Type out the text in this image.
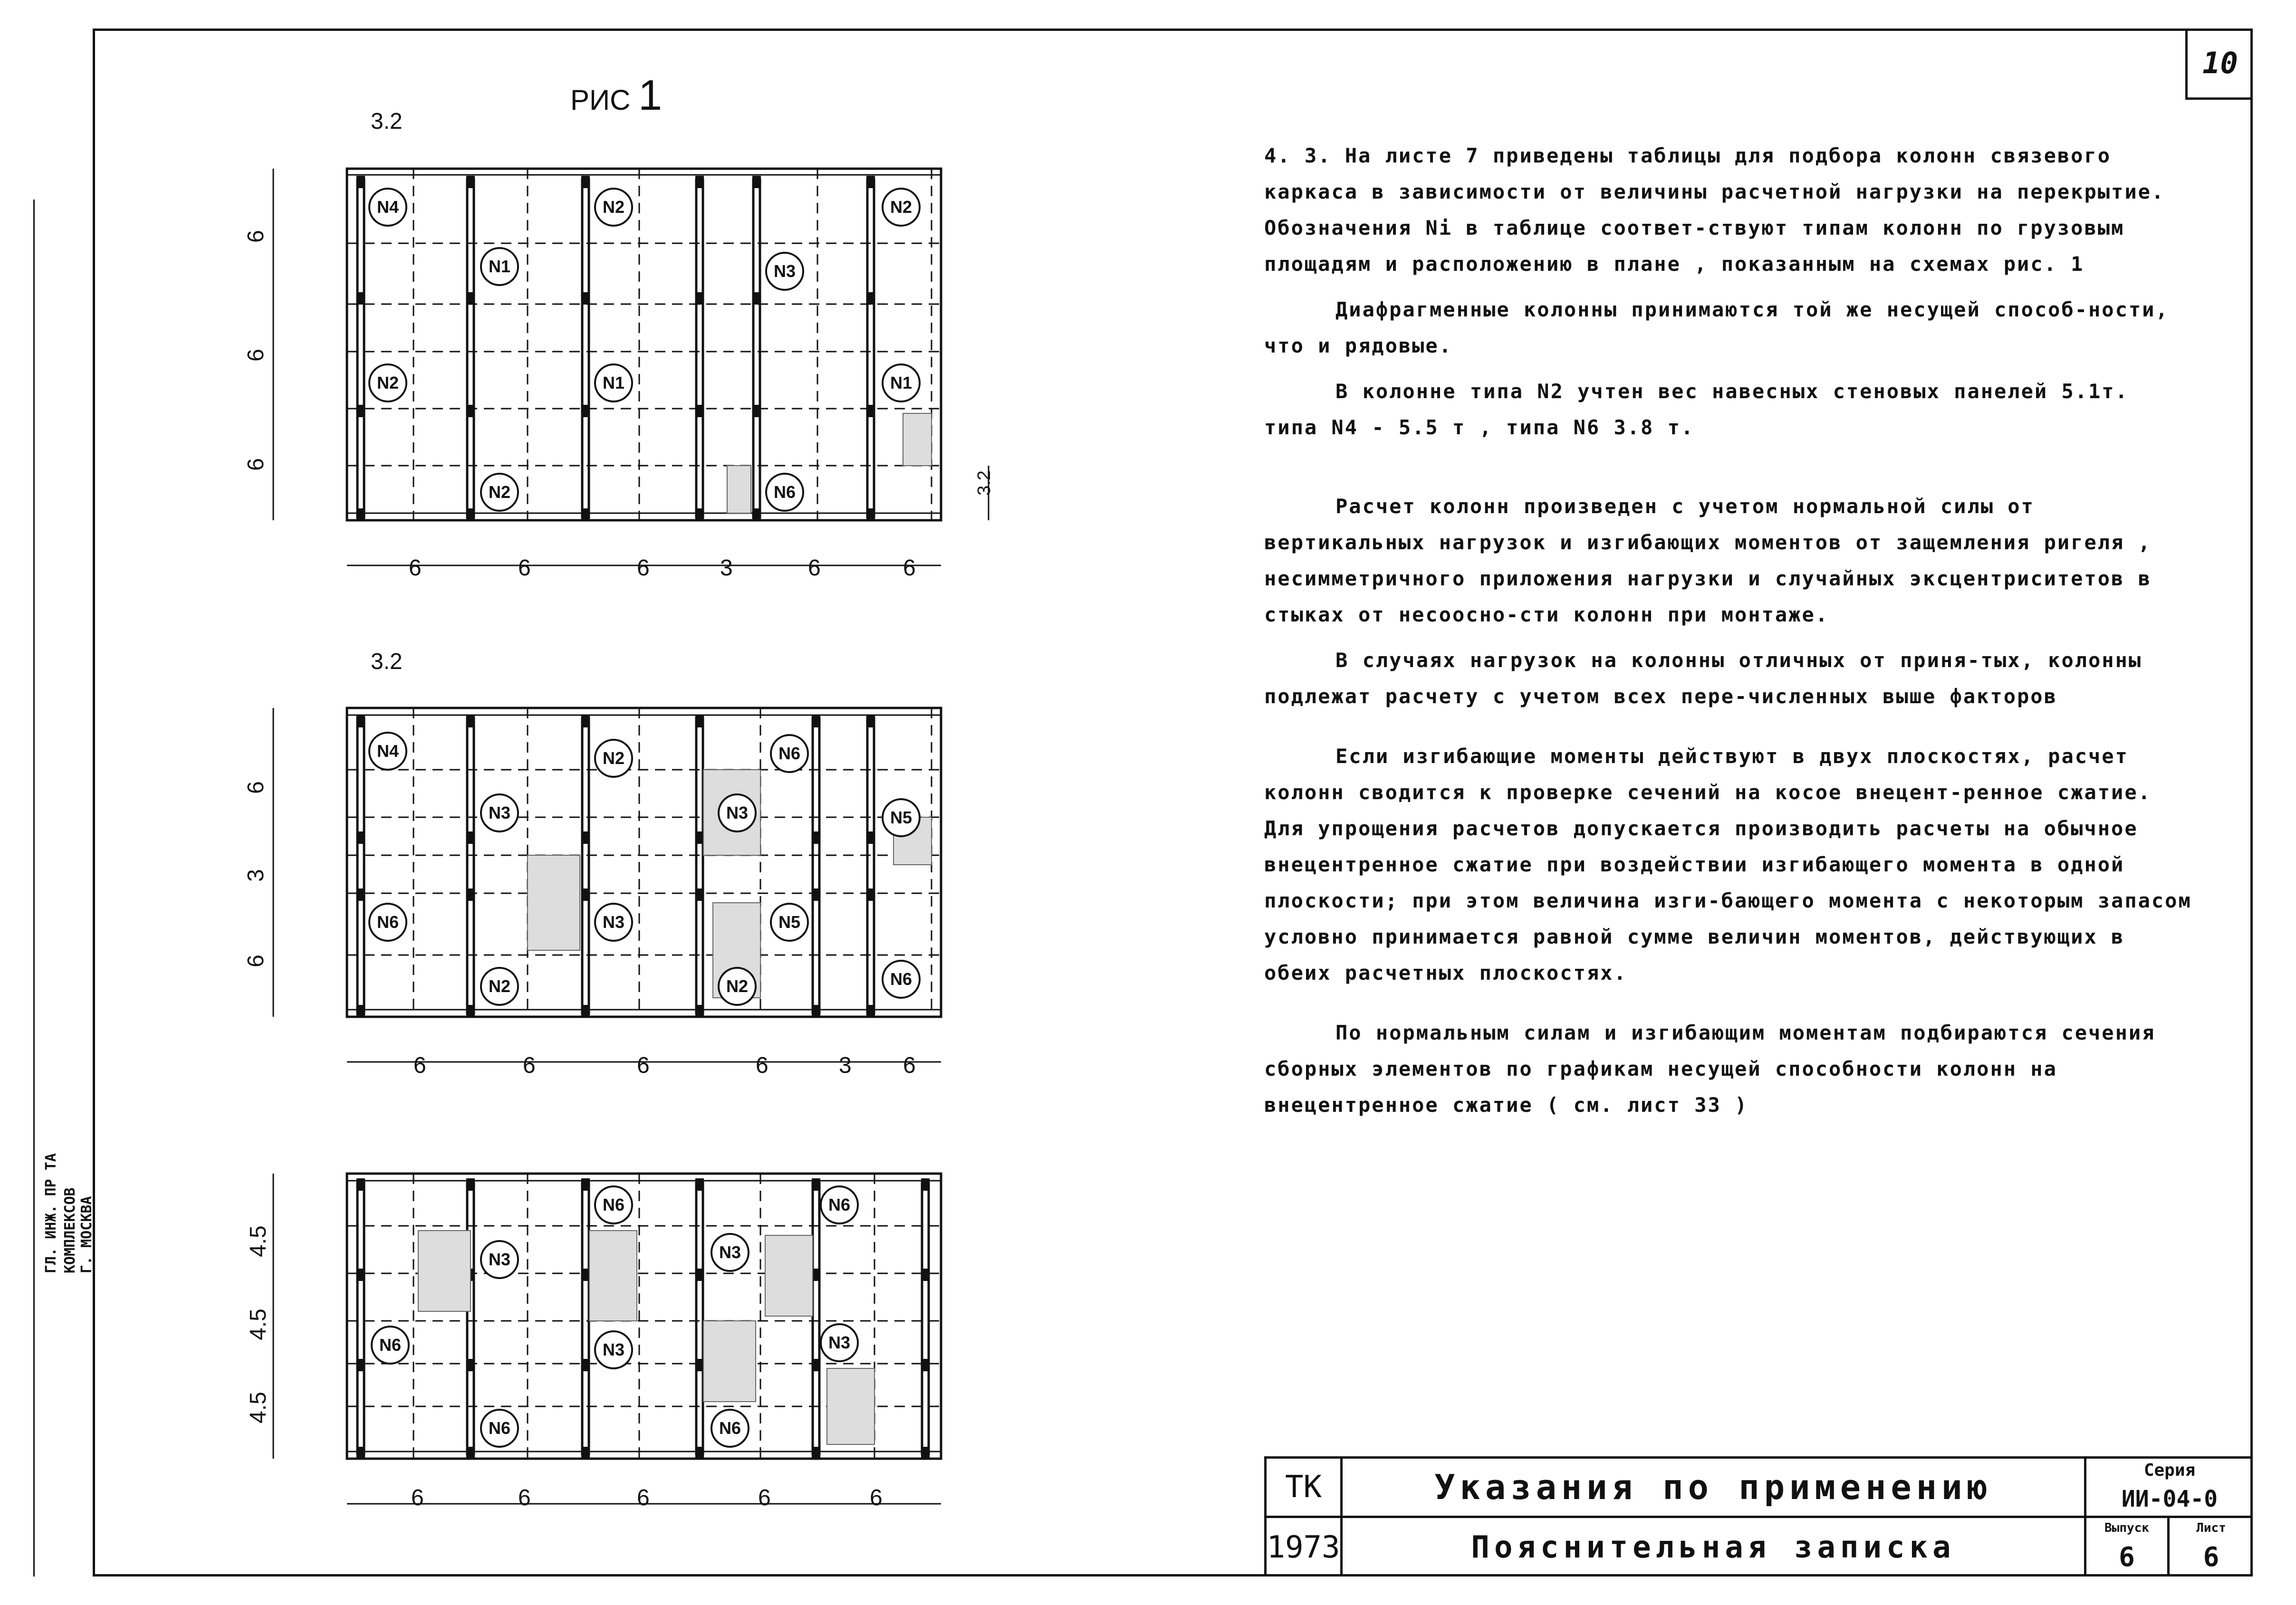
10
ГЛ. ИНЖ. ПР ТА КОМПЛЕКСОВ Г. МОСКВА
РИС 1
3.2
6
6
6
3.2
6	6	6	3	6	6
N4
N2
N2
N1
N1
N2
N3
N6
N2
N1
3.2
6
3
6
6	6	6	6	3 6
N4
N6
N3
N2
N2
N3
N3
N6
N5
N5
N2	N6
4.5
4.5
4.5
6	6	6	6	6
N3
N6	N6
N3
N3	N3
N6
N6	N6

4. 3. На листе 7 приведены таблицы для подбора колонн связевого каркаса в зависимости от величины расчетной нагрузки на перекрытие. Обозначения Ni в таблице соответ-ствуют типам колонн по грузовым площадям и расположению в плане , показанным на схемах рис. 1

Диафрагменные колонны принимаются той же несущей способ-ности, что и рядовые.

В колонне типа N2 учтен вес навесных стеновых панелей 5.1т. типа N4 - 5.5 т , типа N6 3.8 т.

Расчет колонн произведен с учетом нормальной силы от вертикальных нагрузок и изгибающих моментов от защемления ригеля , несимметричного приложения нагрузки и случайных эксцентриситетов в стыках от несоосно-сти колонн при монтаже.

В случаях нагрузок на колонны отличных от приня-тых, колонны подлежат расчету с учетом всех пере-численных выше факторов

Если изгибающие моменты действуют в двух плоскостях, расчет колонн сводится к проверке сечений на косое внецент-ренное сжатие. Для упрощения расчетов допускается производить расчеты на обычное внецентренное сжатие при воздействии изгибающего момента в одной плоскости; при этом величина изги-бающего момента с некоторым запасом условно принимается равной сумме величин моментов, действующих в обеих расчетных плоскостях.

По нормальным силам и изгибающим моментам подбираются сечения сборных элементов по графикам несущей способности колонн на внецентренное сжатие ( см. лист 33 )

ТК
1973
Указания по применению
Пояснительная записка
Серия
ИИ-04-0
Выпуск
6
Лист
6
